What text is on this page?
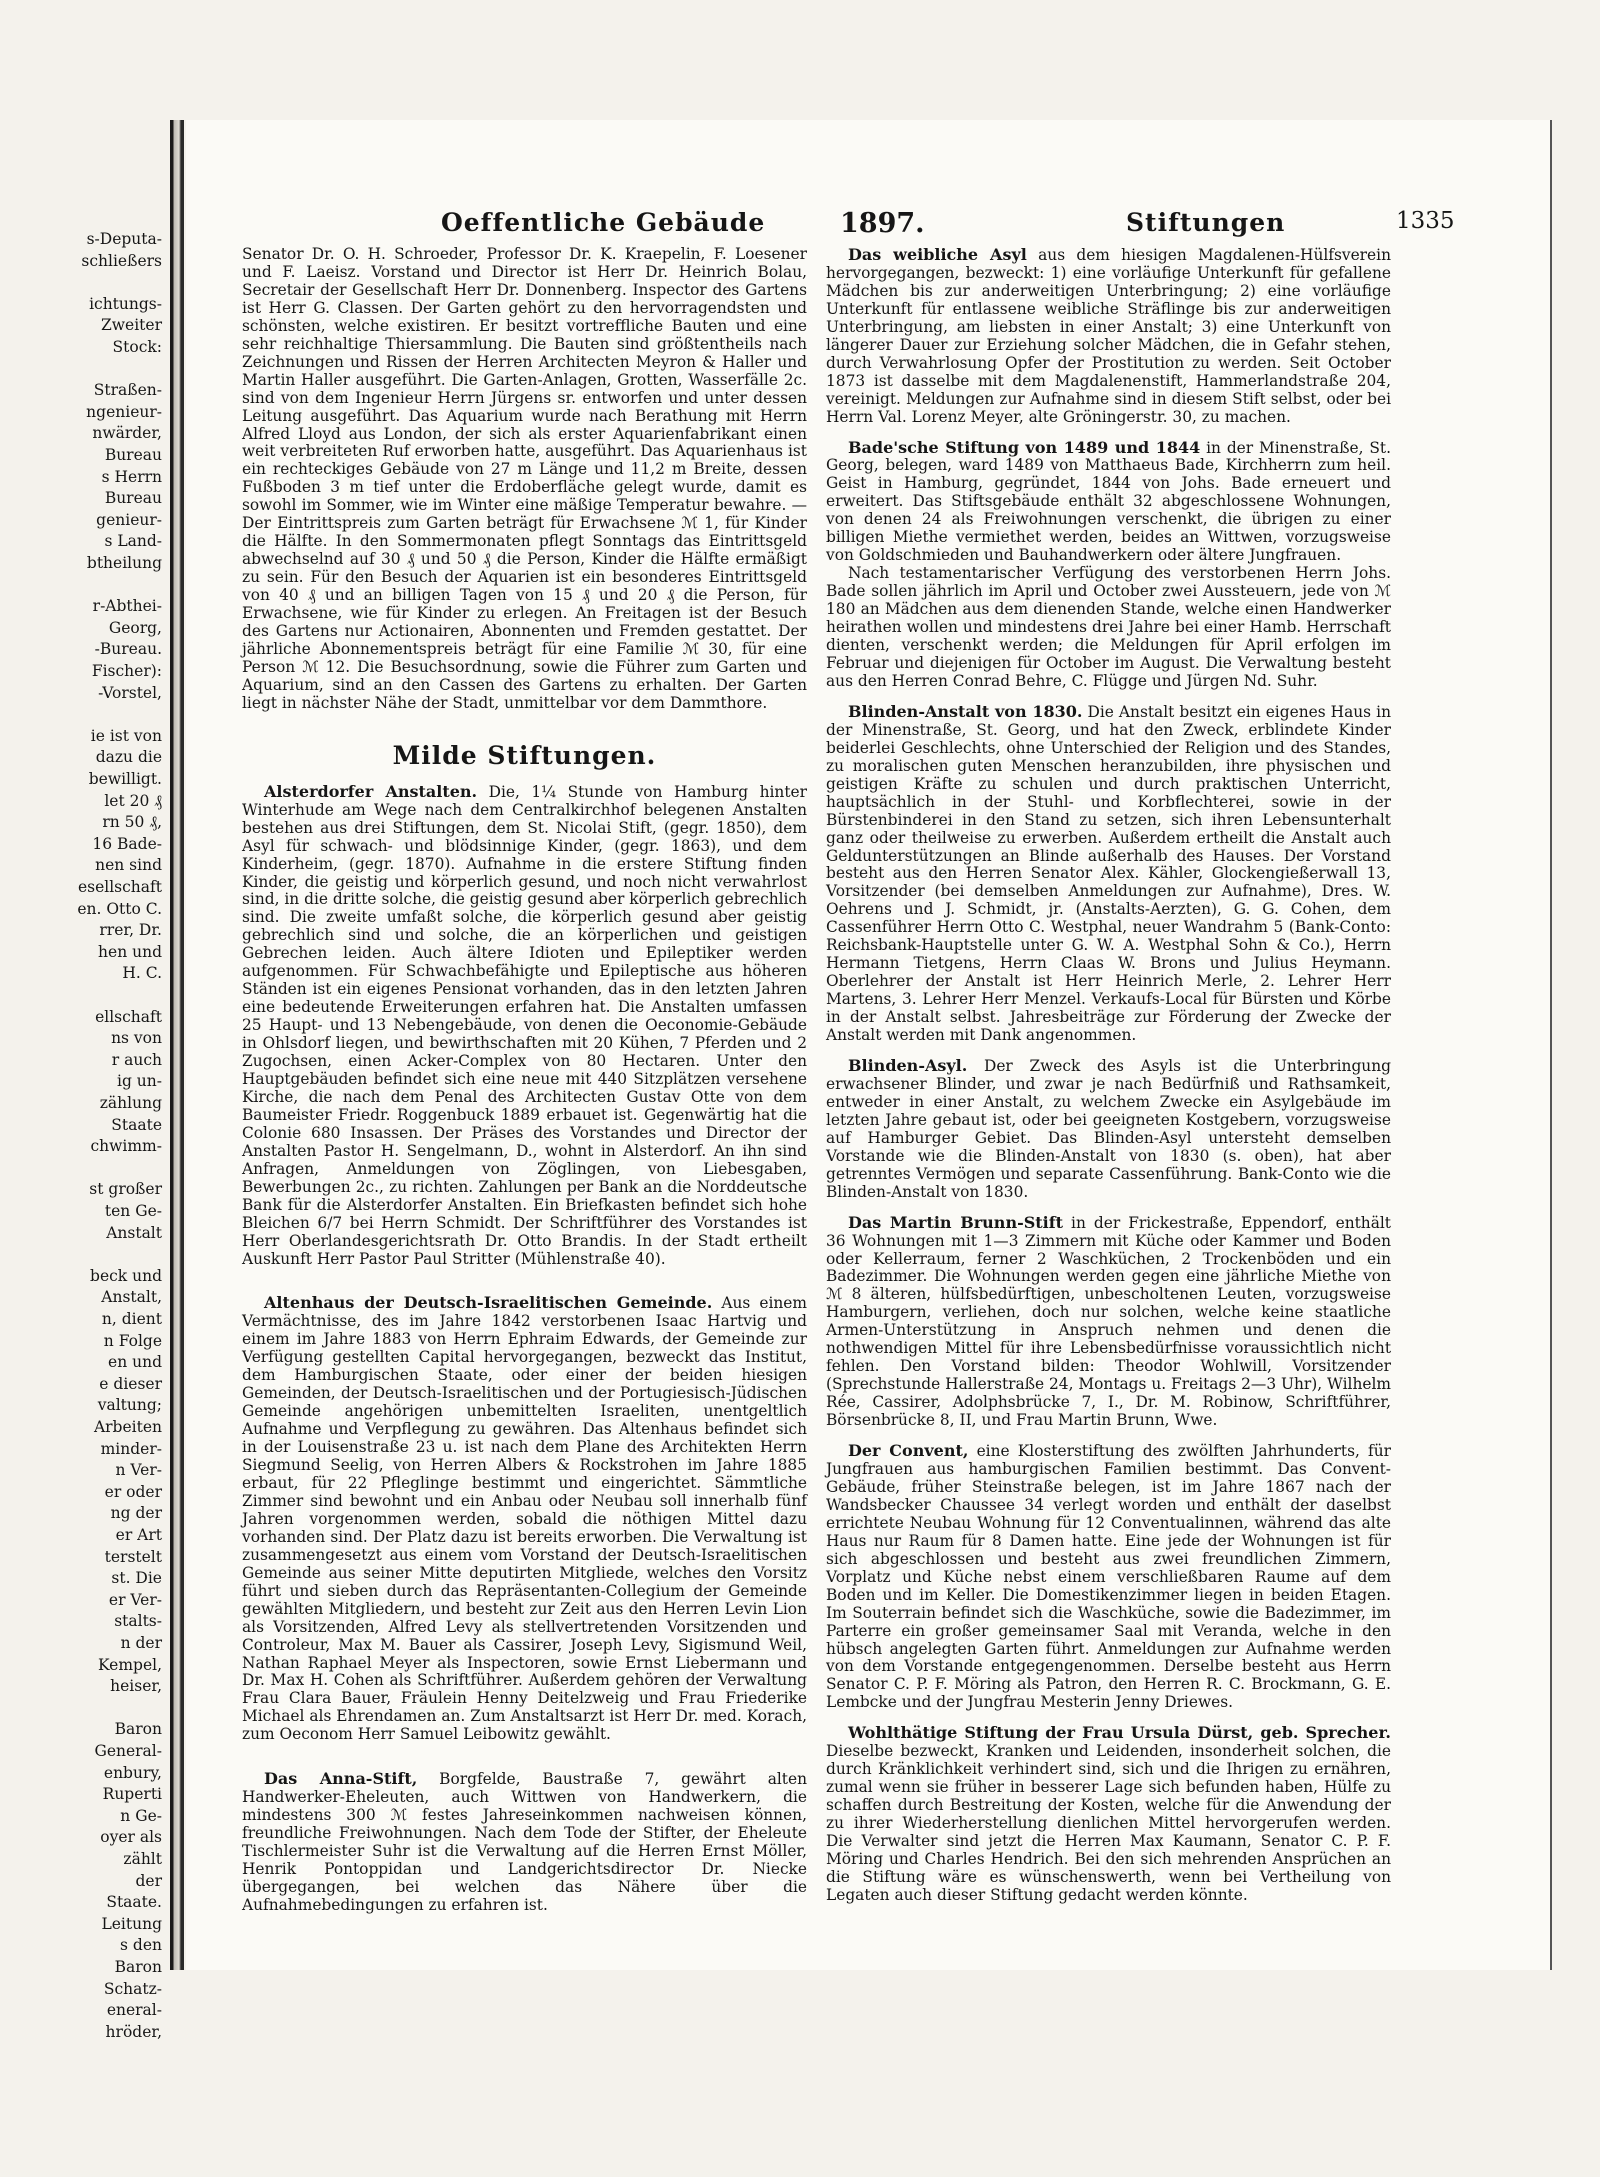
s-Deputa-
schließers
ichtungs-
Zweiter
Stock:
Straßen-
ngenieur-
nwärder,
Bureau
s Herrn
Bureau
genieur-
s Land-
btheilung
r-Abthei-
Georg,
-Bureau.
Fischer):
-Vorstel,
ie ist von
dazu die
bewilligt.
let 20 ₰
rn 50 ₰,
16 Bade-
nen sind
esellschaft
en. Otto C.
rrer, Dr.
hen und
H. C.
ellschaft
ns von
r auch
ig un-
zählung
Staate
chwimm-
st großer
ten Ge-
Anstalt
beck und
Anstalt,
n, dient
n Folge
en und
e dieser
valtung;
Arbeiten
minder-
n Ver-
er oder
ng der
er Art
terstelt
st. Die
er Ver-
stalts-
n der
Kempel,
heiser,
Baron
General-
enbury,
Ruperti
n Ge-
oyer als
zählt
der
Staate.
Leitung
s den
Baron
Schatz-
eneral-
hröder,
Oeffentliche Gebäude	1897.	Stiftungen	1335

Senator Dr. O. H. Schroeder, Professor Dr. K. Kraepelin, F. Loesener und F. Laeisz. Vorstand und Director ist Herr Dr. Heinrich Bolau, Secretair der Gesellschaft Herr Dr. Donnenberg. Inspector des Gartens ist Herr G. Classen. Der Garten gehört zu den hervorragendsten und schönsten, welche existiren. Er besitzt vortreffliche Bauten und eine sehr reichhaltige Thiersammlung. Die Bauten sind größtentheils nach Zeichnungen und Rissen der Herren Architecten Meyron & Haller und Martin Haller ausgeführt. Die Garten-Anlagen, Grotten, Wasserfälle 2c. sind von dem Ingenieur Herrn Jürgens sr. entworfen und unter dessen Leitung ausgeführt. Das Aquarium wurde nach Berathung mit Herrn Alfred Lloyd aus London, der sich als erster Aquarienfabrikant einen weit verbreiteten Ruf erworben hatte, ausgeführt. Das Aquarienhaus ist ein rechteckiges Gebäude von 27 m Länge und 11,2 m Breite, dessen Fußboden 3 m tief unter die Erdoberfläche gelegt wurde, damit es sowohl im Sommer, wie im Winter eine mäßige Temperatur bewahre. — Der Eintrittspreis zum Garten beträgt für Erwachsene ℳ 1, für Kinder die Hälfte. In den Sommermonaten pflegt Sonntags das Eintrittsgeld abwechselnd auf 30 ₰ und 50 ₰ die Person, Kinder die Hälfte ermäßigt zu sein. Für den Besuch der Aquarien ist ein besonderes Eintrittsgeld von 40 ₰ und an billigen Tagen von 15 ₰ und 20 ₰ die Person, für Erwachsene, wie für Kinder zu erlegen. An Freitagen ist der Besuch des Gartens nur Actionairen, Abonnenten und Fremden gestattet. Der jährliche Abonnementspreis beträgt für eine Familie ℳ 30, für eine Person ℳ 12. Die Besuchsordnung, sowie die Führer zum Garten und Aquarium, sind an den Cassen des Gartens zu erhalten. Der Garten liegt in nächster Nähe der Stadt, unmittelbar vor dem Dammthore.

Milde Stiftungen.

Alsterdorfer Anstalten. Die, 1¼ Stunde von Hamburg hinter Winterhude am Wege nach dem Centralkirchhof belegenen Anstalten bestehen aus drei Stiftungen, dem St. Nicolai Stift, (gegr. 1850), dem Asyl für schwach- und blödsinnige Kinder, (gegr. 1863), und dem Kinderheim, (gegr. 1870). Aufnahme in die erstere Stiftung finden Kinder, die geistig und körperlich gesund, und noch nicht verwahrlost sind, in die dritte solche, die geistig gesund aber körperlich gebrechlich sind. Die zweite umfaßt solche, die körperlich gesund aber geistig gebrechlich sind und solche, die an körperlichen und geistigen Gebrechen leiden. Auch ältere Idioten und Epileptiker werden aufgenommen. Für Schwachbefähigte und Epileptische aus höheren Ständen ist ein eigenes Pensionat vorhanden, das in den letzten Jahren eine bedeutende Erweiterungen erfahren hat. Die Anstalten umfassen 25 Haupt- und 13 Nebengebäude, von denen die Oeconomie-Gebäude in Ohlsdorf liegen, und bewirthschaften mit 20 Kühen, 7 Pferden und 2 Zugochsen, einen Acker-Complex von 80 Hectaren. Unter den Hauptgebäuden befindet sich eine neue mit 440 Sitzplätzen versehene Kirche, die nach dem Penal des Architecten Gustav Otte von dem Baumeister Friedr. Roggenbuck 1889 erbauet ist. Gegenwärtig hat die Colonie 680 Insassen. Der Präses des Vorstandes und Director der Anstalten Pastor H. Sengelmann, D., wohnt in Alsterdorf. An ihn sind Anfragen, Anmeldungen von Zöglingen, von Liebesgaben, Bewerbungen 2c., zu richten. Zahlungen per Bank an die Norddeutsche Bank für die Alsterdorfer Anstalten. Ein Briefkasten befindet sich hohe Bleichen 6/7 bei Herrn Schmidt. Der Schriftführer des Vorstandes ist Herr Oberlandesgerichtsrath Dr. Otto Brandis. In der Stadt ertheilt Auskunft Herr Pastor Paul Stritter (Mühlenstraße 40).

Altenhaus der Deutsch-Israelitischen Gemeinde. Aus einem Vermächtnisse, des im Jahre 1842 verstorbenen Isaac Hartvig und einem im Jahre 1883 von Herrn Ephraim Edwards, der Gemeinde zur Verfügung gestellten Capital hervorgegangen, bezweckt das Institut, dem Hamburgischen Staate, oder einer der beiden hiesigen Gemeinden, der Deutsch-Israelitischen und der Portugiesisch-Jüdischen Gemeinde angehörigen unbemittelten Israeliten, unentgeltlich Aufnahme und Verpflegung zu gewähren. Das Altenhaus befindet sich in der Louisenstraße 23 u. ist nach dem Plane des Architekten Herrn Siegmund Seelig, von Herren Albers & Rockstrohen im Jahre 1885 erbaut, für 22 Pfleglinge bestimmt und eingerichtet. Sämmtliche Zimmer sind bewohnt und ein Anbau oder Neubau soll innerhalb fünf Jahren vorgenommen werden, sobald die nöthigen Mittel dazu vorhanden sind. Der Platz dazu ist bereits erworben. Die Verwaltung ist zusammengesetzt aus einem vom Vorstand der Deutsch-Israelitischen Gemeinde aus seiner Mitte deputirten Mitgliede, welches den Vorsitz führt und sieben durch das Repräsentanten-Collegium der Gemeinde gewählten Mitgliedern, und besteht zur Zeit aus den Herren Levin Lion als Vorsitzenden, Alfred Levy als stellvertretenden Vorsitzenden und Controleur, Max M. Bauer als Cassirer, Joseph Levy, Sigismund Weil, Nathan Raphael Meyer als Inspectoren, sowie Ernst Liebermann und Dr. Max H. Cohen als Schriftführer. Außerdem gehören der Verwaltung Frau Clara Bauer, Fräulein Henny Deitelzweig und Frau Friederike Michael als Ehrendamen an. Zum Anstaltsarzt ist Herr Dr. med. Korach, zum Oeconom Herr Samuel Leibowitz gewählt.

Das Anna-Stift, Borgfelde, Baustraße 7, gewährt alten Handwerker-Eheleuten, auch Wittwen von Handwerkern, die mindestens 300 ℳ festes Jahreseinkommen nachweisen können, freundliche Freiwohnungen. Nach dem Tode der Stifter, der Eheleute Tischlermeister Suhr ist die Verwaltung auf die Herren Ernst Möller, Henrik Pontoppidan und Landgerichtsdirector Dr. Niecke übergegangen, bei welchen das Nähere über die Aufnahmebedingungen zu erfahren ist.

Das weibliche Asyl aus dem hiesigen Magdalenen-Hülfsverein hervorgegangen, bezweckt: 1) eine vorläufige Unterkunft für gefallene Mädchen bis zur anderweitigen Unterbringung; 2) eine vorläufige Unterkunft für entlassene weibliche Sträflinge bis zur anderweitigen Unterbringung, am liebsten in einer Anstalt; 3) eine Unterkunft von längerer Dauer zur Erziehung solcher Mädchen, die in Gefahr stehen, durch Verwahrlosung Opfer der Prostitution zu werden. Seit October 1873 ist dasselbe mit dem Magdalenenstift, Hammerlandstraße 204, vereinigt. Meldungen zur Aufnahme sind in diesem Stift selbst, oder bei Herrn Val. Lorenz Meyer, alte Gröningerstr. 30, zu machen.

Bade'sche Stiftung von 1489 und 1844 in der Minenstraße, St. Georg, belegen, ward 1489 von Matthaeus Bade, Kirchherrn zum heil. Geist in Hamburg, gegründet, 1844 von Johs. Bade erneuert und erweitert. Das Stiftsgebäude enthält 32 abgeschlossene Wohnungen, von denen 24 als Freiwohnungen verschenkt, die übrigen zu einer billigen Miethe vermiethet werden, beides an Wittwen, vorzugsweise von Goldschmieden und Bauhandwerkern oder ältere Jungfrauen.

Nach testamentarischer Verfügung des verstorbenen Herrn Johs. Bade sollen jährlich im April und October zwei Aussteuern, jede von ℳ 180 an Mädchen aus dem dienenden Stande, welche einen Handwerker heirathen wollen und mindestens drei Jahre bei einer Hamb. Herrschaft dienten, verschenkt werden; die Meldungen für April erfolgen im Februar und diejenigen für October im August. Die Verwaltung besteht aus den Herren Conrad Behre, C. Flügge und Jürgen Nd. Suhr.

Blinden-Anstalt von 1830. Die Anstalt besitzt ein eigenes Haus in der Minenstraße, St. Georg, und hat den Zweck, erblindete Kinder beiderlei Geschlechts, ohne Unterschied der Religion und des Standes, zu moralischen guten Menschen heranzubilden, ihre physischen und geistigen Kräfte zu schulen und durch praktischen Unterricht, hauptsächlich in der Stuhl- und Korbflechterei, sowie in der Bürstenbinderei in den Stand zu setzen, sich ihren Lebensunterhalt ganz oder theilweise zu erwerben. Außerdem ertheilt die Anstalt auch Geldunterstützungen an Blinde außerhalb des Hauses. Der Vorstand besteht aus den Herren Senator Alex. Kähler, Glockengießerwall 13, Vorsitzender (bei demselben Anmeldungen zur Aufnahme), Dres. W. Oehrens und J. Schmidt, jr. (Anstalts-Aerzten), G. G. Cohen, dem Cassenführer Herrn Otto C. Westphal, neuer Wandrahm 5 (Bank-Conto: Reichsbank-Hauptstelle unter G. W. A. Westphal Sohn & Co.), Herrn Hermann Tietgens, Herrn Claas W. Brons und Julius Heymann. Oberlehrer der Anstalt ist Herr Heinrich Merle, 2. Lehrer Herr Martens, 3. Lehrer Herr Menzel. Verkaufs-Local für Bürsten und Körbe in der Anstalt selbst. Jahresbeiträge zur Förderung der Zwecke der Anstalt werden mit Dank angenommen.

Blinden-Asyl. Der Zweck des Asyls ist die Unterbringung erwachsener Blinder, und zwar je nach Bedürfniß und Rathsamkeit, entweder in einer Anstalt, zu welchem Zwecke ein Asylgebäude im letzten Jahre gebaut ist, oder bei geeigneten Kostgebern, vorzugsweise auf Hamburger Gebiet. Das Blinden-Asyl untersteht demselben Vorstande wie die Blinden-Anstalt von 1830 (s. oben), hat aber getrenntes Vermögen und separate Cassenführung. Bank-Conto wie die Blinden-Anstalt von 1830.

Das Martin Brunn-Stift in der Frickestraße, Eppendorf, enthält 36 Wohnungen mit 1—3 Zimmern mit Küche oder Kammer und Boden oder Kellerraum, ferner 2 Waschküchen, 2 Trockenböden und ein Badezimmer. Die Wohnungen werden gegen eine jährliche Miethe von ℳ 8 älteren, hülfsbedürftigen, unbescholtenen Leuten, vorzugsweise Hamburgern, verliehen, doch nur solchen, welche keine staatliche Armen-Unterstützung in Anspruch nehmen und denen die nothwendigen Mittel für ihre Lebensbedürfnisse voraussichtlich nicht fehlen. Den Vorstand bilden: Theodor Wohlwill, Vorsitzender (Sprechstunde Hallerstraße 24, Montags u. Freitags 2—3 Uhr), Wilhelm Rée, Cassirer, Adolphsbrücke 7, I., Dr. M. Robinow, Schriftführer, Börsenbrücke 8, II, und Frau Martin Brunn, Wwe.

Der Convent, eine Klosterstiftung des zwölften Jahrhunderts, für Jungfrauen aus hamburgischen Familien bestimmt. Das Convent-Gebäude, früher Steinstraße belegen, ist im Jahre 1867 nach der Wandsbecker Chaussee 34 verlegt worden und enthält der daselbst errichtete Neubau Wohnung für 12 Conventualinnen, während das alte Haus nur Raum für 8 Damen hatte. Eine jede der Wohnungen ist für sich abgeschlossen und besteht aus zwei freundlichen Zimmern, Vorplatz und Küche nebst einem verschließbaren Raume auf dem Boden und im Keller. Die Domestikenzimmer liegen in beiden Etagen. Im Souterrain befindet sich die Waschküche, sowie die Badezimmer, im Parterre ein großer gemeinsamer Saal mit Veranda, welche in den hübsch angelegten Garten führt. Anmeldungen zur Aufnahme werden von dem Vorstande entgegengenommen. Derselbe besteht aus Herrn Senator C. P. F. Möring als Patron, den Herren R. C. Brockmann, G. E. Lembcke und der Jungfrau Mesterin Jenny Driewes.

Wohlthätige Stiftung der Frau Ursula Dürst, geb. Sprecher. Dieselbe bezweckt, Kranken und Leidenden, insonderheit solchen, die durch Kränklichkeit verhindert sind, sich und die Ihrigen zu ernähren, zumal wenn sie früher in besserer Lage sich befunden haben, Hülfe zu schaffen durch Bestreitung der Kosten, welche für die Anwendung der zu ihrer Wiederherstellung dienlichen Mittel hervorgerufen werden. Die Verwalter sind jetzt die Herren Max Kaumann, Senator C. P. F. Möring und Charles Hendrich. Bei den sich mehrenden Ansprüchen an die Stiftung wäre es wünschenswerth, wenn bei Vertheilung von Legaten auch dieser Stiftung gedacht werden könnte.
